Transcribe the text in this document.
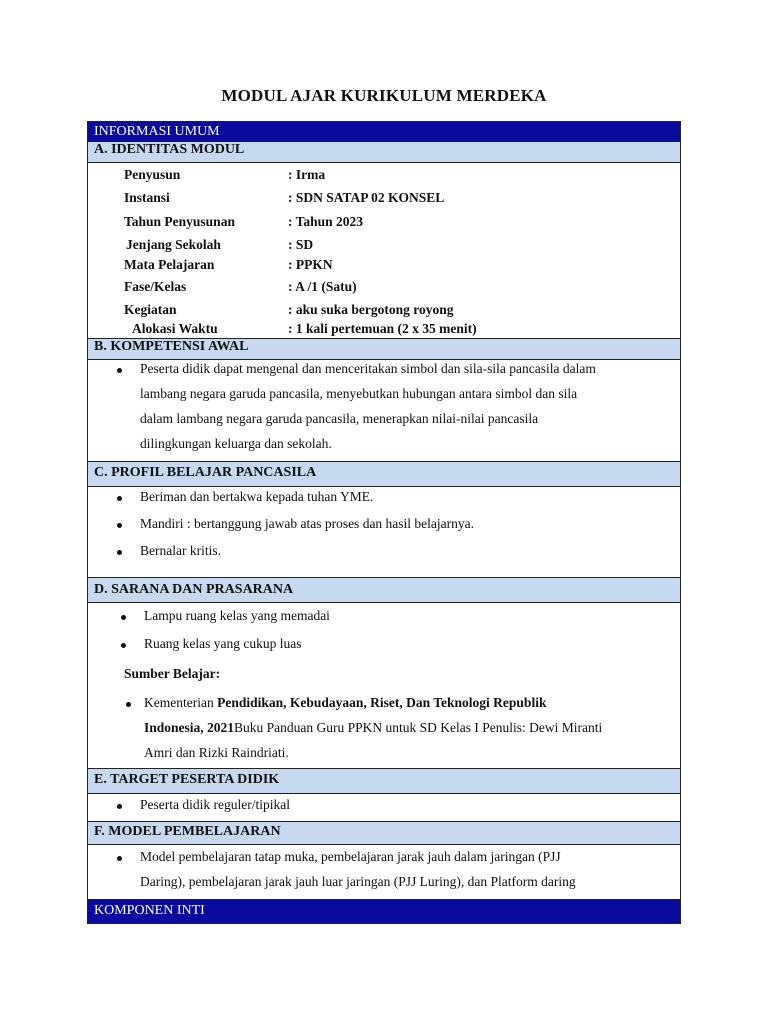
MODUL AJAR KURIKULUM MERDEKA
INFORMASI UMUM
A. IDENTITAS MODUL
Penyusun	: Irma
Instansi	: SDN SATAP 02 KONSEL
Tahun Penyusunan	: Tahun 2023
Jenjang Sekolah	: SD
Mata Pelajaran	: PPKN
Fase/Kelas	: A /1 (Satu)
Kegiatan	: aku suka bergotong royong
Alokasi Waktu	: 1 kali pertemuan (2 x 35 menit)
B. KOMPETENSI AWAL
Peserta didik dapat mengenal dan menceritakan simbol dan sila-sila pancasila dalam
lambang negara garuda pancasila, menyebutkan hubungan antara simbol dan sila
dalam lambang negara garuda pancasila, menerapkan nilai-nilai pancasila
dilingkungan keluarga dan sekolah.
C. PROFIL BELAJAR PANCASILA
Beriman dan bertakwa kepada tuhan YME.
Mandiri : bertanggung jawab atas proses dan hasil belajarnya.
Bernalar kritis.
D. SARANA DAN PRASARANA
Lampu ruang kelas yang memadai
Ruang kelas yang cukup luas
Sumber Belajar:
Kementerian Pendidikan, Kebudayaan, Riset, Dan Teknologi Republik
Indonesia, 2021Buku Panduan Guru PPKN untuk SD Kelas I Penulis: Dewi Miranti
Amri dan Rizki Raindriati.
E. TARGET PESERTA DIDIK
Peserta didik reguler/tipikal
F. MODEL PEMBELAJARAN
Model pembelajaran tatap muka, pembelajaran jarak jauh dalam jaringan (PJJ
Daring), pembelajaran jarak jauh luar jaringan (PJJ Luring), dan Platform daring
KOMPONEN INTI
